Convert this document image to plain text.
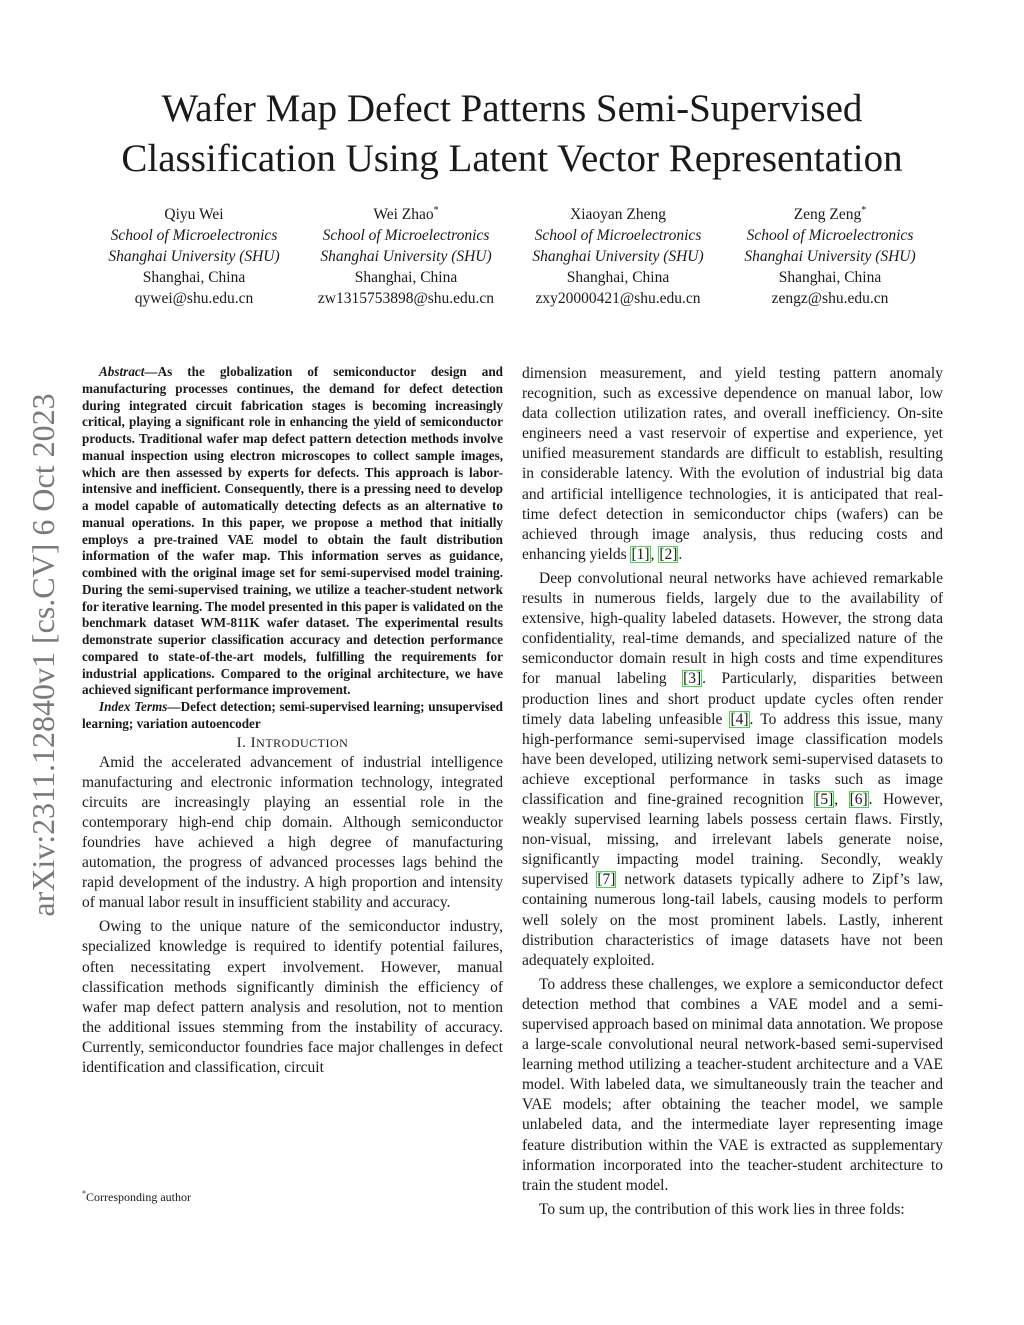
Wafer Map Defect Patterns Semi-Supervised Classification Using Latent Vector Representation
Qiyu Wei
School of Microelectronics
Shanghai University (SHU)
Shanghai, China
qywei@shu.edu.cn
Wei Zhao*
School of Microelectronics
Shanghai University (SHU)
Shanghai, China
zw1315753898@shu.edu.cn
Xiaoyan Zheng
School of Microelectronics
Shanghai University (SHU)
Shanghai, China
zxy20000421@shu.edu.cn
Zeng Zeng*
School of Microelectronics
Shanghai University (SHU)
Shanghai, China
zengz@shu.edu.cn
arXiv:2311.12840v1 [cs.CV] 6 Oct 2023

Abstract—As the globalization of semiconductor design and manufacturing processes continues, the demand for defect detection during integrated circuit fabrication stages is becoming increasingly critical, playing a significant role in enhancing the yield of semiconductor products. Traditional wafer map defect pattern detection methods involve manual inspection using electron microscopes to collect sample images, which are then assessed by experts for defects. This approach is labor-intensive and inefficient. Consequently, there is a pressing need to develop a model capable of automatically detecting defects as an alternative to manual operations. In this paper, we propose a method that initially employs a pre-trained VAE model to obtain the fault distribution information of the wafer map. This information serves as guidance, combined with the original image set for semi-supervised model training. During the semi-supervised training, we utilize a teacher-student network for iterative learning. The model presented in this paper is validated on the benchmark dataset WM-811K wafer dataset. The experimental results demonstrate superior classification accuracy and detection performance compared to state-of-the-art models, fulfilling the requirements for industrial applications. Compared to the original architecture, we have achieved significant performance improvement.

Index Terms—Defect detection; semi-supervised learning; unsupervised learning; variation autoencoder

I. INTRODUCTION

Amid the accelerated advancement of industrial intelligence manufacturing and electronic information technology, integrated circuits are increasingly playing an essential role in the contemporary high-end chip domain. Although semiconductor foundries have achieved a high degree of manufacturing automation, the progress of advanced processes lags behind the rapid development of the industry. A high proportion and intensity of manual labor result in insufficient stability and accuracy.

Owing to the unique nature of the semiconductor industry, specialized knowledge is required to identify potential failures, often necessitating expert involvement. However, manual classification methods significantly diminish the efficiency of wafer map defect pattern analysis and resolution, not to mention the additional issues stemming from the instability of accuracy. Currently, semiconductor foundries face major challenges in defect identification and classification, circuit

dimension measurement, and yield testing pattern anomaly recognition, such as excessive dependence on manual labor, low data collection utilization rates, and overall inefficiency. On-site engineers need a vast reservoir of expertise and experience, yet unified measurement standards are difficult to establish, resulting in considerable latency. With the evolution of industrial big data and artificial intelligence technologies, it is anticipated that real-time defect detection in semiconductor chips (wafers) can be achieved through image analysis, thus reducing costs and enhancing yields [1], [2].

Deep convolutional neural networks have achieved remarkable results in numerous fields, largely due to the availability of extensive, high-quality labeled datasets. However, the strong data confidentiality, real-time demands, and specialized nature of the semiconductor domain result in high costs and time expenditures for manual labeling [3]. Particularly, disparities between production lines and short product update cycles often render timely data labeling unfeasible [4]. To address this issue, many high-performance semi-supervised image classification models have been developed, utilizing network semi-supervised datasets to achieve exceptional performance in tasks such as image classification and fine-grained recognition [5], [6]. However, weakly supervised learning labels possess certain flaws. Firstly, non-visual, missing, and irrelevant labels generate noise, significantly impacting model training. Secondly, weakly supervised [7] network datasets typically adhere to Zipf’s law, containing numerous long-tail labels, causing models to perform well solely on the most prominent labels. Lastly, inherent distribution characteristics of image datasets have not been adequately exploited.

To address these challenges, we explore a semiconductor defect detection method that combines a VAE model and a semi-supervised approach based on minimal data annotation. We propose a large-scale convolutional neural network-based semi-supervised learning method utilizing a teacher-student architecture and a VAE model. With labeled data, we simultaneously train the teacher and VAE models; after obtaining the teacher model, we sample unlabeled data, and the intermediate layer representing image feature distribution within the VAE is extracted as supplementary information incorporated into the teacher-student architecture to train the student model.

To sum up, the contribution of this work lies in three folds:

*Corresponding author
